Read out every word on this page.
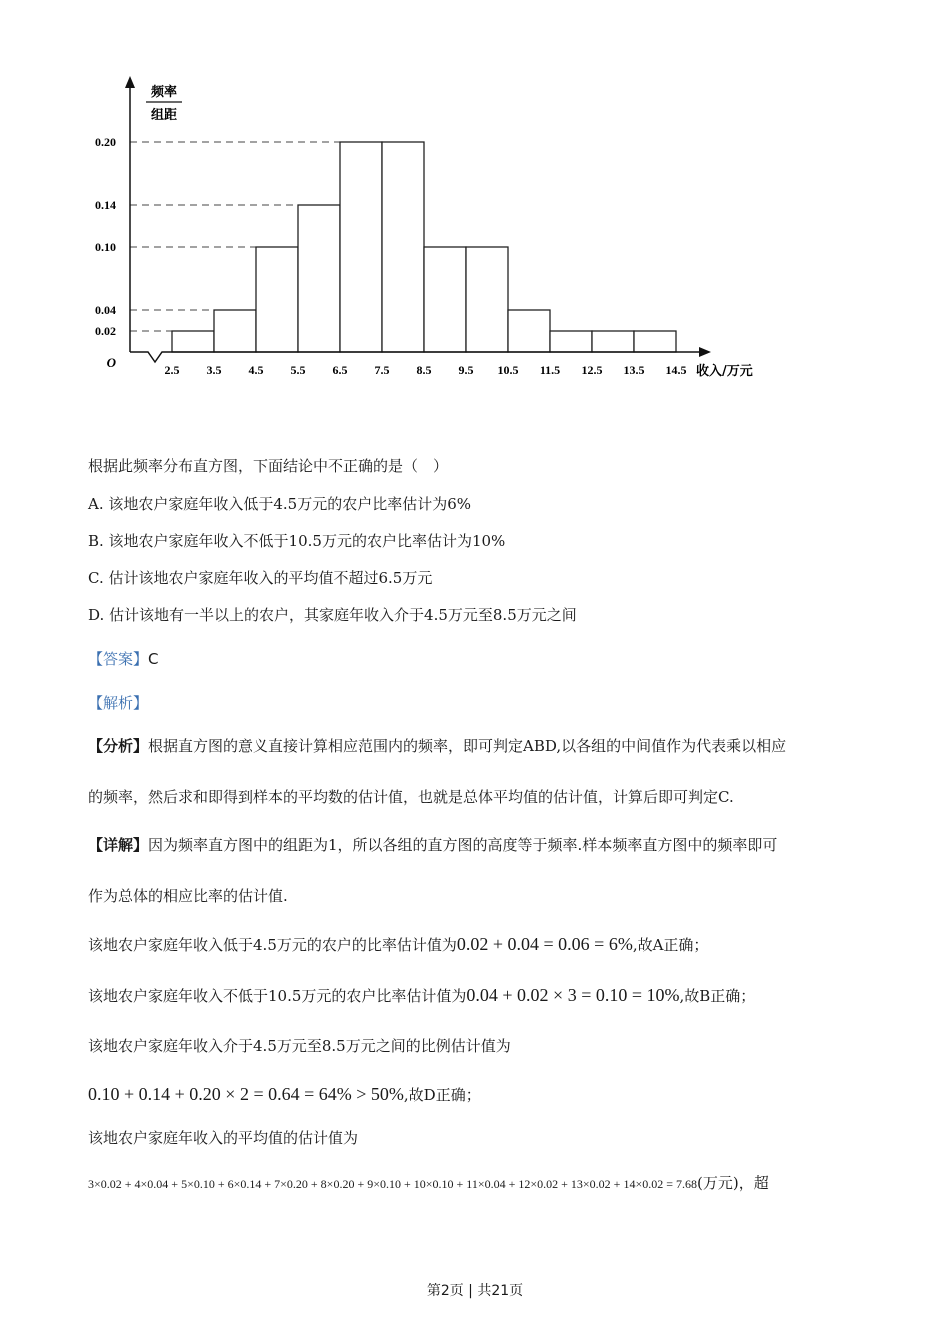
0.02
0.04
0.10
0.14
0.20
2.5 3.5 4.5 5.5 6.5 7.5 8.5 9.5 10.5 11.5 12.5 13.5 14.5
O
收入/万元
频率
组距
根据此频率分布直方图，下面结论中不正确的是（　）
A. 该地农户家庭年收入低于4.5万元的农户比率估计为6%
B. 该地农户家庭年收入不低于10.5万元的农户比率估计为10%
C. 估计该地农户家庭年收入的平均值不超过6.5万元
D. 估计该地有一半以上的农户，其家庭年收入介于4.5万元至8.5万元之间
【答案】C
【解析】
【分析】根据直方图的意义直接计算相应范围内的频率，即可判定ABD,以各组的中间值作为代表乘以相应
的频率，然后求和即得到样本的平均数的估计值，也就是总体平均值的估计值，计算后即可判定C.
【详解】因为频率直方图中的组距为1，所以各组的直方图的高度等于频率.样本频率直方图中的频率即可
作为总体的相应比率的估计值.
该地农户家庭年收入低于4.5万元的农户的比率估计值为0.02 + 0.04 = 0.06 = 6%,故A正确；
该地农户家庭年收入不低于10.5万元的农户比率估计值为0.04 + 0.02 × 3 = 0.10 = 10%,故B正确；
该地农户家庭年收入介于4.5万元至8.5万元之间的比例估计值为
0.10 + 0.14 + 0.20 × 2 = 0.64 = 64% > 50%,故D正确；
该地农户家庭年收入的平均值的估计值为
3×0.02 + 4×0.04 + 5×0.10 + 6×0.14 + 7×0.20 + 8×0.20 + 9×0.10 + 10×0.10 + 11×0.04 + 12×0.02 + 13×0.02 + 14×0.02 = 7.68(万元)，超
第2页 | 共21页
